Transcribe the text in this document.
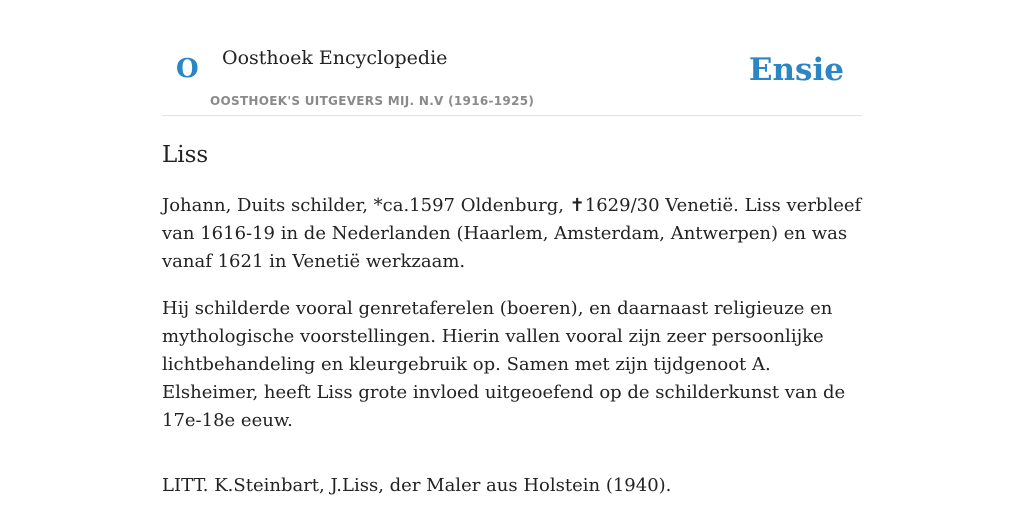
O Oosthoek Encyclopedie
OOSTHOEK'S UITGEVERS MIJ. N.V (1916-1925)
Ensie
Liss

Johann, Duits schilder, *ca.1597 Oldenburg, ✝1629/30 Venetië. Liss verbleef van 1616-19 in de Nederlanden (Haarlem, Amsterdam, Antwerpen) en was vanaf 1621 in Venetië werkzaam.

Hij schilderde vooral genretaferelen (boeren), en daarnaast religieuze en mythologische voorstellingen. Hierin vallen vooral zijn zeer persoonlijke lichtbehandeling en kleurgebruik op. Samen met zijn tijdgenoot A. Elsheimer, heeft Liss grote invloed uitgeoefend op de schilderkunst van de 17e-18e eeuw.

LITT. K.Steinbart, J.Liss, der Maler aus Holstein (1940).
